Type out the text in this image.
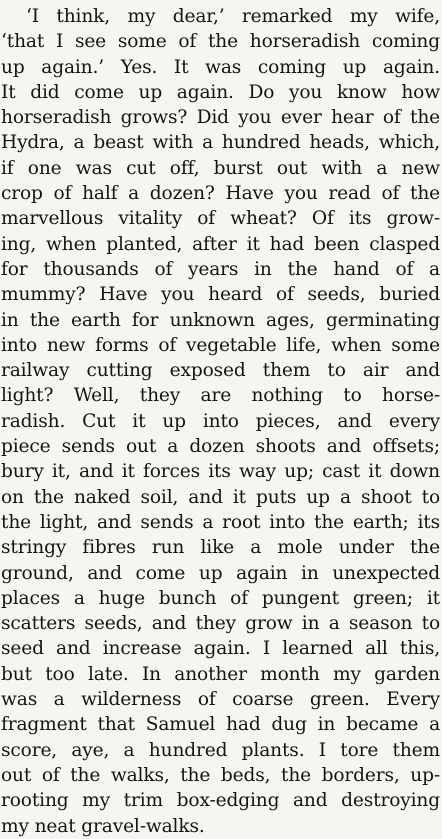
‘I think, my dear,’ remarked my wife,
‘that I see some of the horseradish coming
up again.’ Yes. It was coming up again.
It did come up again. Do you know how
horseradish grows? Did you ever hear of the
Hydra, a beast with a hundred heads, which,
if one was cut off, burst out with a new
crop of half a dozen? Have you read of the
marvellous vitality of wheat? Of its grow-
ing, when planted, after it had been clasped
for thousands of years in the hand of a
mummy? Have you heard of seeds, buried
in the earth for unknown ages, germinating
into new forms of vegetable life, when some
railway cutting exposed them to air and
light? Well, they are nothing to horse-
radish. Cut it up into pieces, and every
piece sends out a dozen shoots and offsets;
bury it, and it forces its way up; cast it down
on the naked soil, and it puts up a shoot to
the light, and sends a root into the earth; its
stringy fibres run like a mole under the
ground, and come up again in unexpected
places a huge bunch of pungent green; it
scatters seeds, and they grow in a season to
seed and increase again. I learned all this,
but too late. In another month my garden
was a wilderness of coarse green. Every
fragment that Samuel had dug in became a
score, aye, a hundred plants. I tore them
out of the walks, the beds, the borders, up-
rooting my trim box-edging and destroying
my neat gravel-walks.
